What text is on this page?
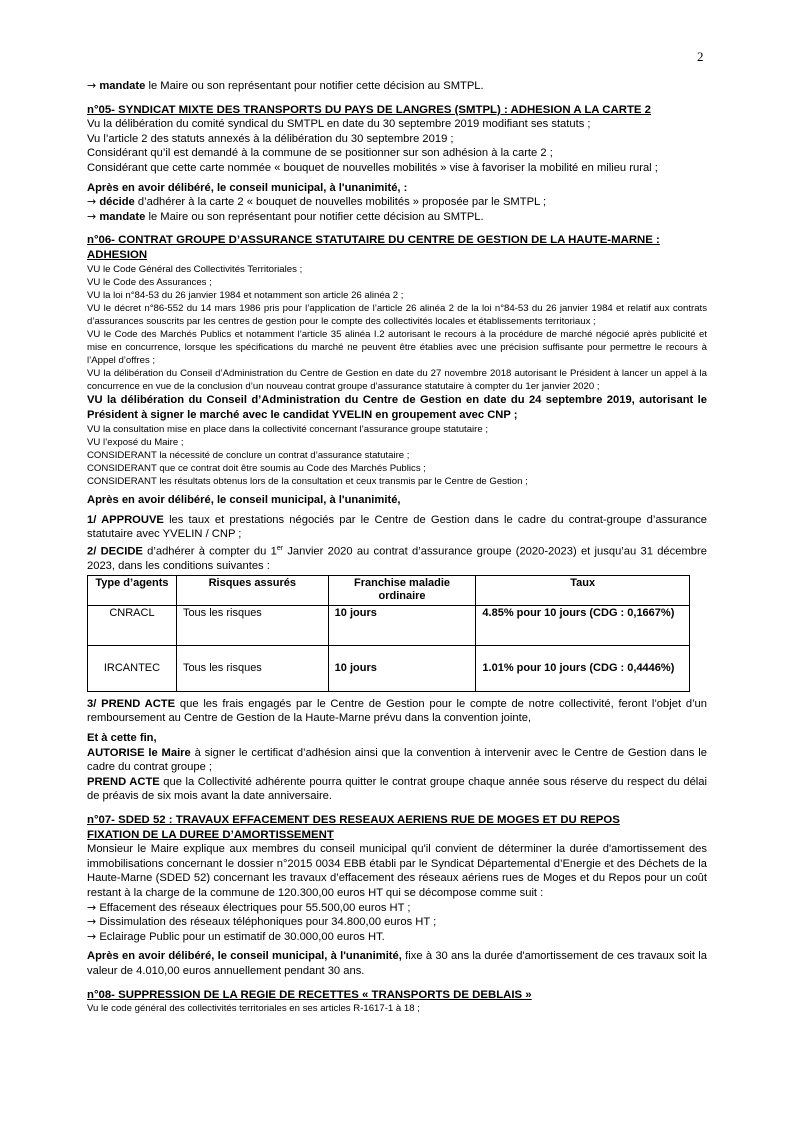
2

→ mandate le Maire ou son représentant pour notifier cette décision au SMTPL.

n°05- SYNDICAT MIXTE DES TRANSPORTS DU PAYS DE LANGRES (SMTPL) : ADHESION A LA CARTE 2

Vu la délibération du comité syndical du SMTPL en date du 30 septembre 2019 modifiant ses statuts ;

Vu l’article 2 des statuts annexés à la délibération du 30 septembre 2019 ;

Considérant qu’il est demandé à la commune de se positionner sur son adhésion à la carte 2 ;

Considérant que cette carte nommée « bouquet de nouvelles mobilités » vise à favoriser la mobilité en milieu rural ;

Après en avoir délibéré, le conseil municipal, à l'unanimité, :

→ décide d’adhérer à la carte 2 « bouquet de nouvelles mobilités » proposée par le SMTPL ;

→ mandate le Maire ou son représentant pour notifier cette décision au SMTPL.

n°06- CONTRAT GROUPE D’ASSURANCE STATUTAIRE DU CENTRE DE GESTION DE LA HAUTE-MARNE : ADHESION

VU le Code Général des Collectivités Territoriales ;

VU le Code des Assurances ;

VU la loi n°84-53 du 26 janvier 1984 et notamment son article 26 alinéa 2 ;

VU le décret n°86-552 du 14 mars 1986 pris pour l’application de l’article 26 alinéa 2 de la loi n°84-53 du 26 janvier 1984 et relatif aux contrats d’assurances souscrits par les centres de gestion pour le compte des collectivités locales et établissements territoriaux ;

VU le Code des Marchés Publics et notamment l’article 35 alinéa I.2 autorisant le recours à la procédure de marché négocié après publicité et mise en concurrence, lorsque les spécifications du marché ne peuvent être établies avec une précision suffisante pour permettre le recours à l’Appel d’offres ;

VU la délibération du Conseil d’Administration du Centre de Gestion en date du 27 novembre 2018 autorisant le Président à lancer un appel à la concurrence en vue de la conclusion d’un nouveau contrat groupe d’assurance statutaire à compter du 1er janvier 2020 ;

VU la délibération du Conseil d’Administration du Centre de Gestion en date du 24 septembre 2019, autorisant le Président à signer le marché avec le candidat YVELIN en groupement avec CNP ;

VU la consultation mise en place dans la collectivité concernant l’assurance groupe statutaire ;

VU l’exposé du Maire ;

CONSIDERANT la nécessité de conclure un contrat d’assurance statutaire ;

CONSIDERANT que ce contrat doit être soumis au Code des Marchés Publics ;

CONSIDERANT les résultats obtenus lors de la consultation et ceux transmis par le Centre de Gestion ;

Après en avoir délibéré, le conseil municipal, à l'unanimité,

1/ APPROUVE les taux et prestations négociés par le Centre de Gestion dans le cadre du contrat-groupe d’assurance statutaire avec YVELIN / CNP ;

2/ DECIDE d’adhérer à compter du 1er Janvier 2020 au contrat d’assurance groupe (2020-2023) et jusqu’au 31 décembre 2023, dans les conditions suivantes :

Type d’agents	Risques assurés	Franchise maladie ordinaire	Taux
CNRACL	Tous les risques	10 jours	4.85% pour 10 jours (CDG : 0,1667%)
IRCANTEC	Tous les risques	10 jours	1.01% pour 10 jours (CDG : 0,4446%)

3/ PREND ACTE que les frais engagés par le Centre de Gestion pour le compte de notre collectivité, feront l’objet d’un remboursement au Centre de Gestion de la Haute-Marne prévu dans la convention jointe,

Et à cette fin,

AUTORISE le Maire à signer le certificat d’adhésion ainsi que la convention à intervenir avec le Centre de Gestion dans le cadre du contrat groupe ;

PREND ACTE que la Collectivité adhérente pourra quitter le contrat groupe chaque année sous réserve du respect du délai de préavis de six mois avant la date anniversaire.

n°07- SDED 52 : TRAVAUX EFFACEMENT DES RESEAUX AERIENS RUE DE MOGES ET DU REPOS

FIXATION DE LA DUREE D’AMORTISSEMENT

Monsieur le Maire explique aux membres du conseil municipal qu'il convient de déterminer la durée d'amortissement des immobilisations concernant le dossier n°2015 0034 EBB établi par le Syndicat Départemental d’Energie et des Déchets de la Haute-Marne (SDED 52) concernant les travaux d’effacement des réseaux aériens rues de Moges et du Repos pour un coût restant à la charge de la commune de 120.300,00 euros HT qui se décompose comme suit :

→ Effacement des réseaux électriques pour 55.500,00 euros HT ;

→ Dissimulation des réseaux téléphoniques pour 34.800,00 euros HT ;

→ Eclairage Public pour un estimatif de 30.000,00 euros HT.

Après en avoir délibéré, le conseil municipal, à l'unanimité, fixe à 30 ans la durée d'amortissement de ces travaux soit la valeur de 4.010,00 euros annuellement pendant 30 ans.

n°08- SUPPRESSION DE LA REGIE DE RECETTES « TRANSPORTS DE DEBLAIS »

Vu le code général des collectivités territoriales en ses articles R-1617-1 à 18 ;
